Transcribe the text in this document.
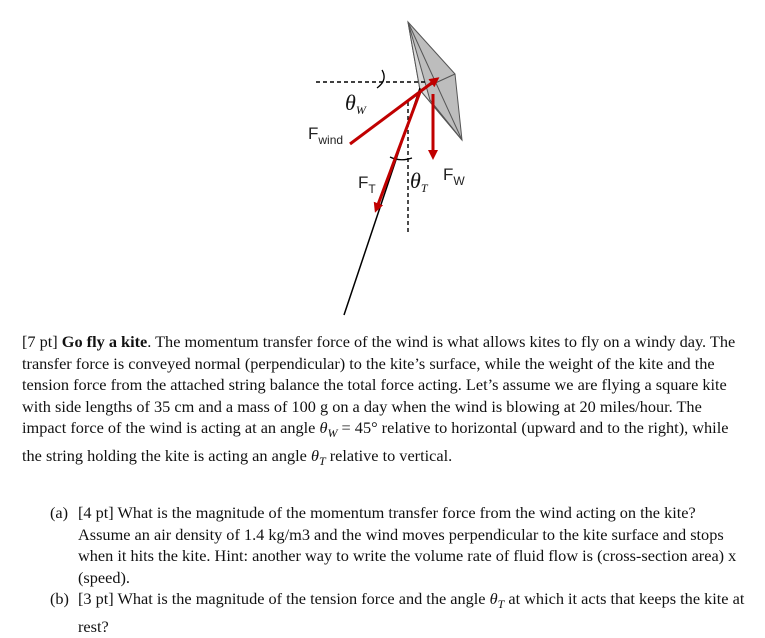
$\theta_W$
$F_{wind}$
$F_T$ $\theta_T$
$F_W$

[7 pt] Go fly a kite. The momentum transfer force of the wind is what allows kites to fly on a windy day. The transfer force is conveyed normal (perpendicular) to the kite’s surface, while the weight of the kite and the tension force from the attached string balance the total force acting. Let’s assume we are flying a square kite with side lengths of 35 cm and a mass of 100 g on a day when the wind is blowing at 20 miles/hour. The impact force of the wind is acting at an angle $\theta_W = 45^\circ$ relative to horizontal (upward and to the right), while the string holding the kite is acting an angle $\theta_T$ relative to vertical.

(a) [4 pt] What is the magnitude of the momentum transfer force from the wind acting on the kite? Assume an air density of 1.4 kg/m3 and the wind moves perpendicular to the kite surface and stops when it hits the kite. Hint: another way to write the volume rate of fluid flow is (cross-section area) x (speed).
(b) [3 pt] What is the magnitude of the tension force and the angle $\theta_T$ at which it acts that keeps the kite at rest?
